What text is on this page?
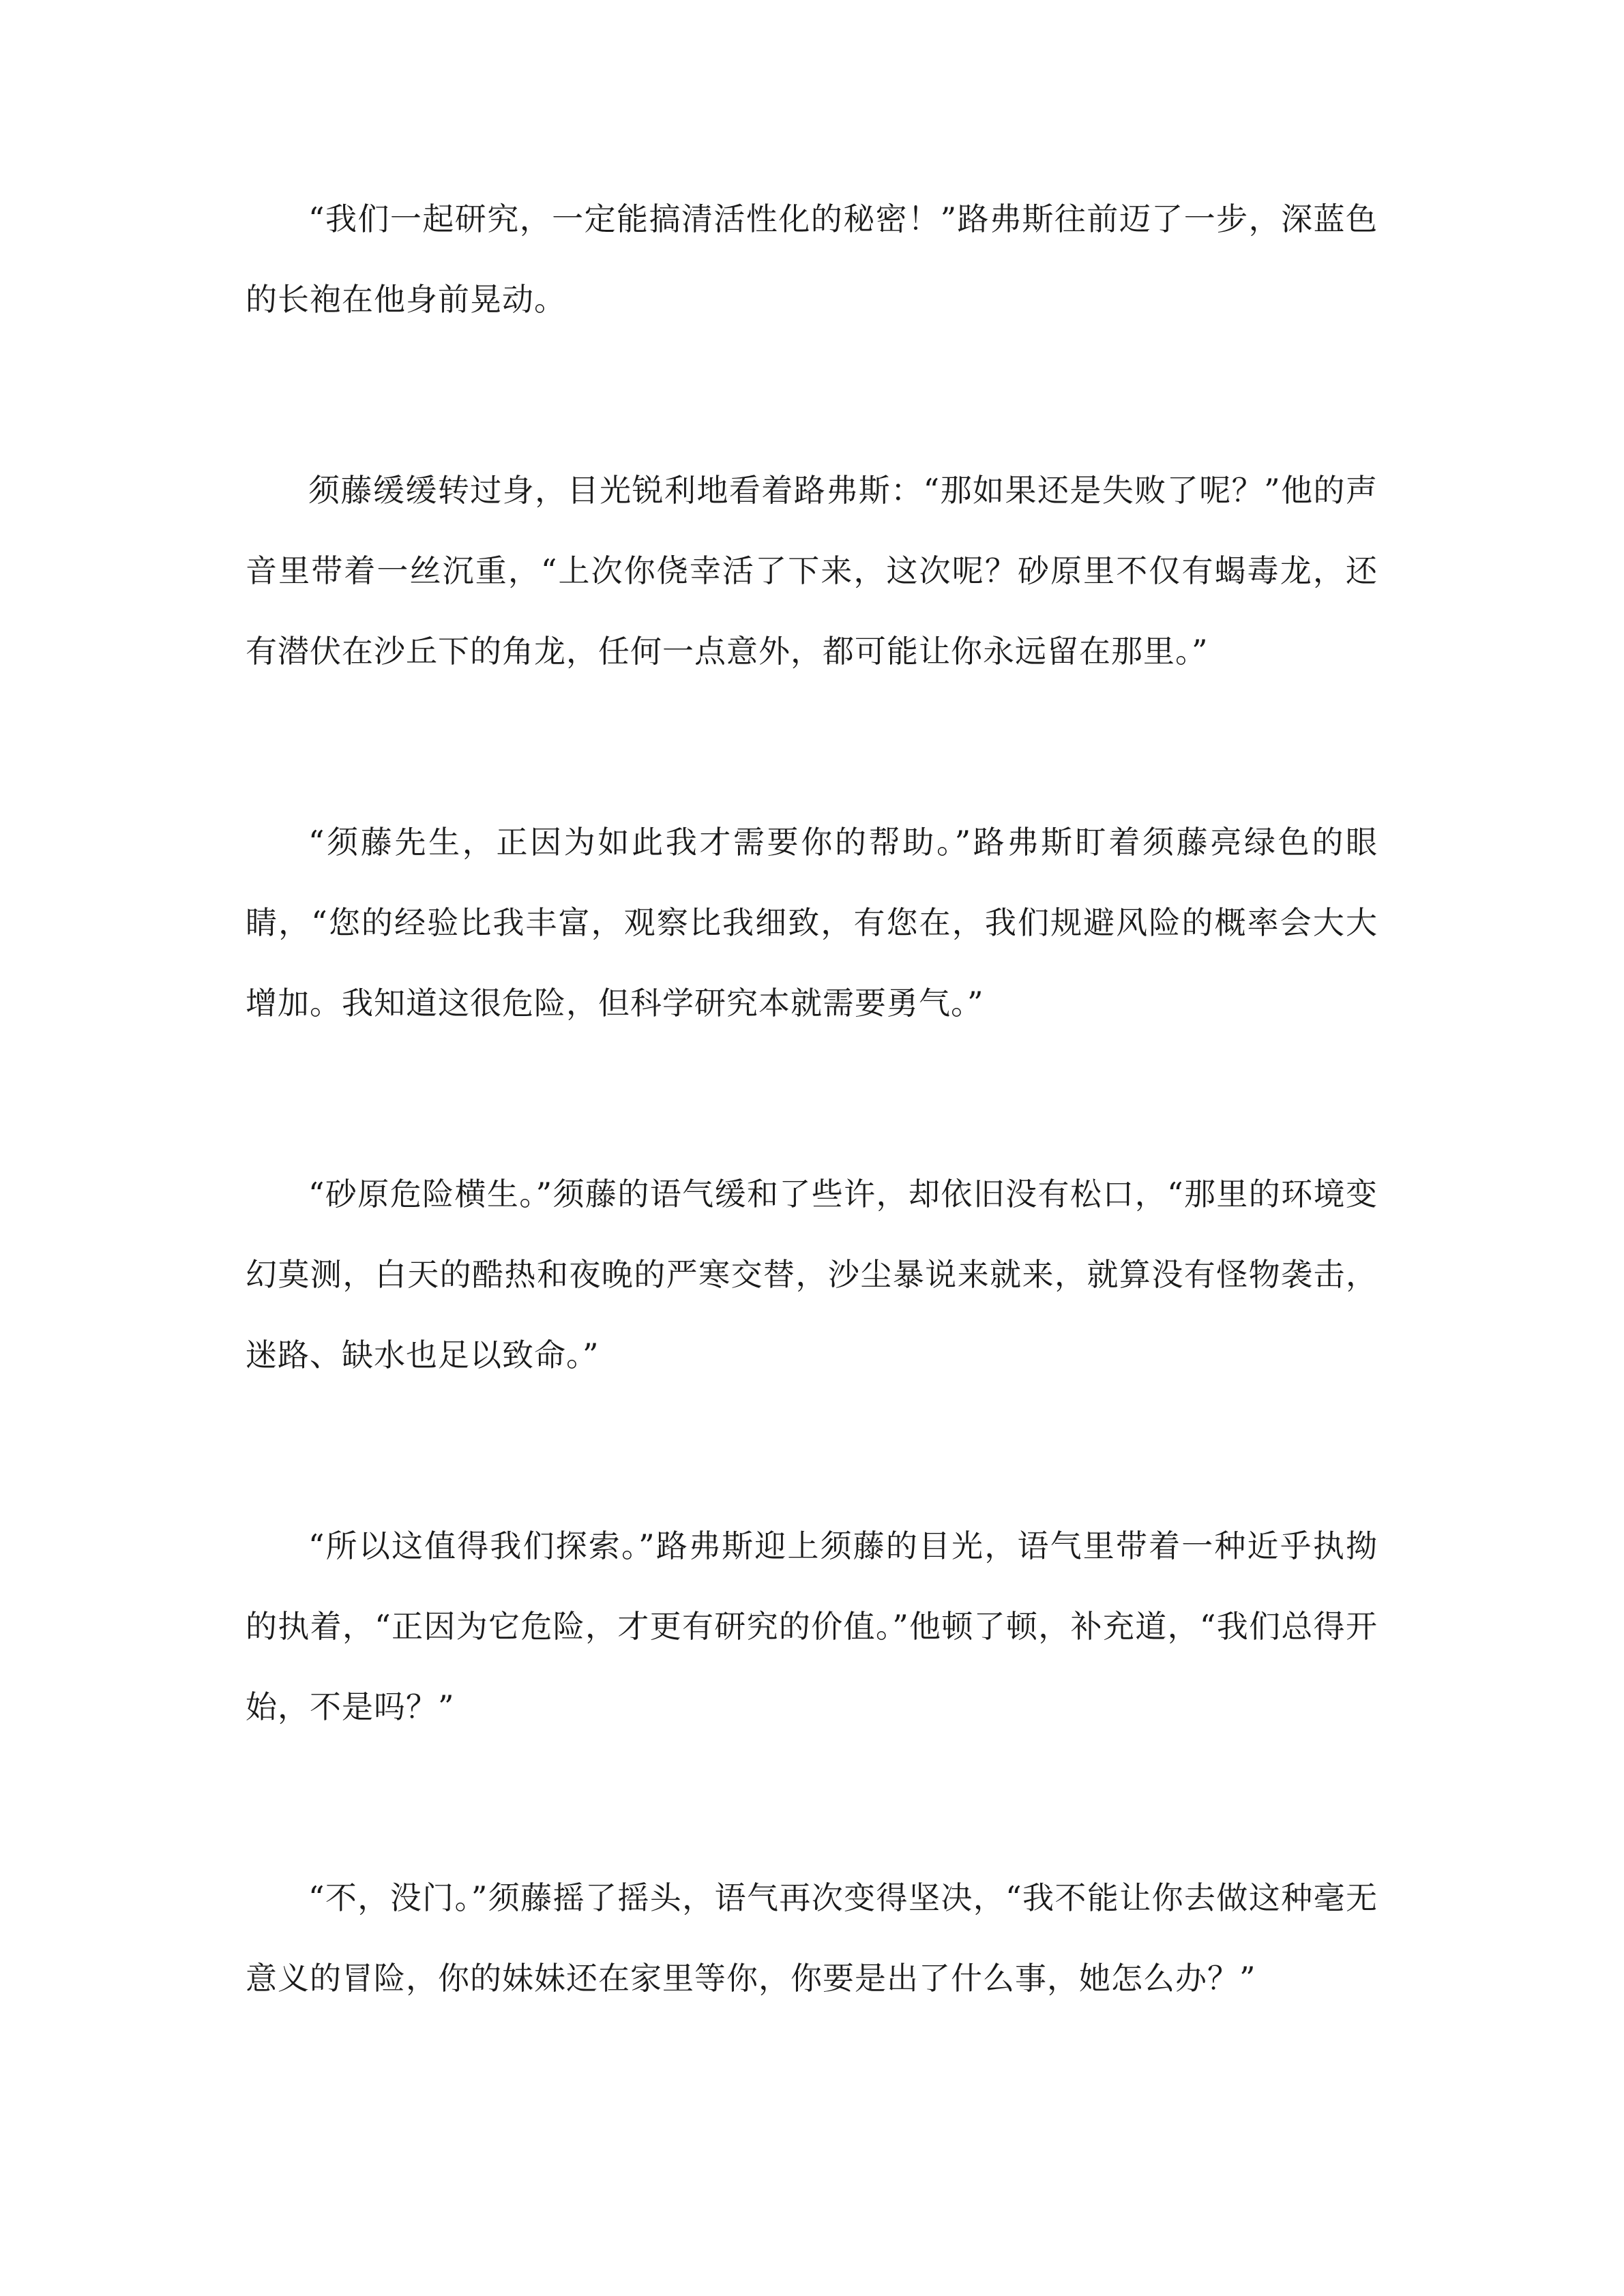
“我们一起研究，一定能搞清活性化的秘密！”路弗斯往前迈了一步，深蓝色的长袍在他身前晃动。

须藤缓缓转过身，目光锐利地看着路弗斯：“那如果还是失败了呢？”他的声音里带着一丝沉重，“上次你侥幸活了下来，这次呢？砂原里不仅有蝎毒龙，还有潜伏在沙丘下的角龙，任何一点意外，都可能让你永远留在那里。”

“须藤先生，正因为如此我才需要你的帮助。”路弗斯盯着须藤亮绿色的眼睛，“您的经验比我丰富，观察比我细致，有您在，我们规避风险的概率会大大增加。我知道这很危险，但科学研究本就需要勇气。”

“砂原危险横生。”须藤的语气缓和了些许，却依旧没有松口，“那里的环境变幻莫测，白天的酷热和夜晚的严寒交替，沙尘暴说来就来，就算没有怪物袭击，迷路、缺水也足以致命。”

“所以这值得我们探索。”路弗斯迎上须藤的目光，语气里带着一种近乎执拗的执着，“正因为它危险，才更有研究的价值。”他顿了顿，补充道，“我们总得开始，不是吗？”

“不，没门。”须藤摇了摇头，语气再次变得坚决，“我不能让你去做这种毫无意义的冒险，你的妹妹还在家里等你，你要是出了什么事，她怎么办？”
